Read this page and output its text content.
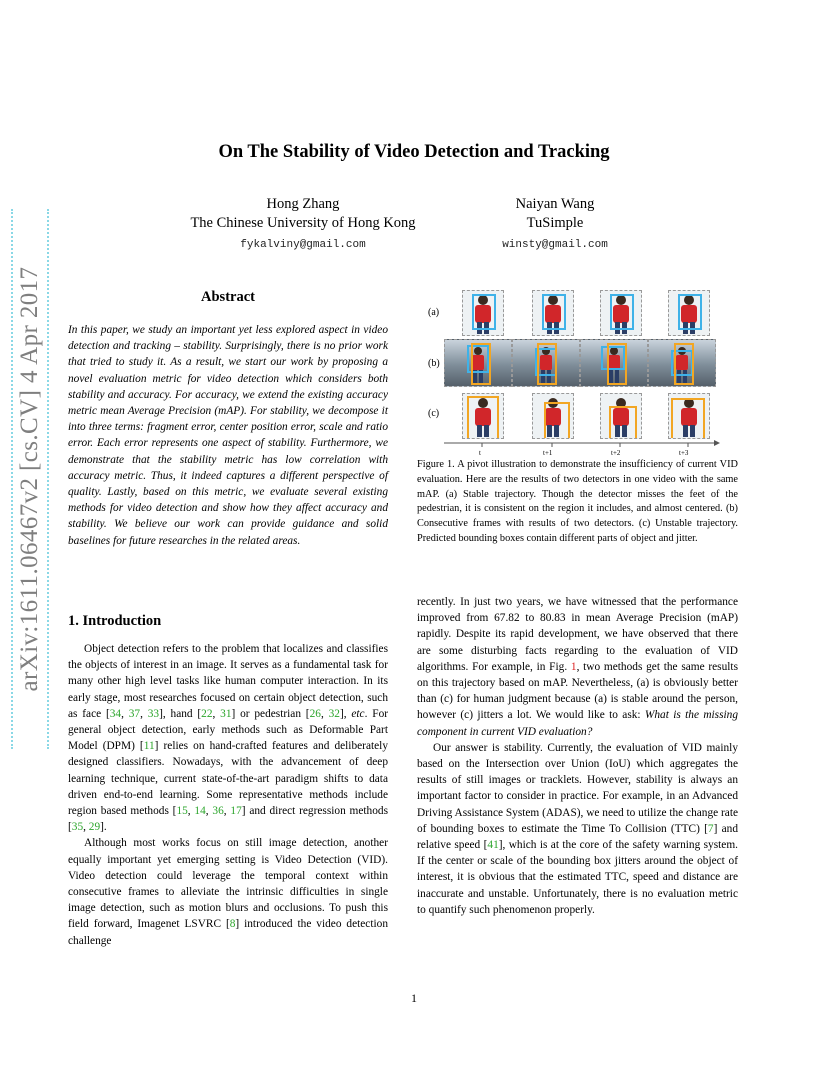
arXiv:1611.06467v2 [cs.CV] 4 Apr 2017
On The Stability of Video Detection and Tracking
Hong Zhang
The Chinese University of Hong Kong
fykalviny@gmail.com
Naiyan Wang
TuSimple
winsty@gmail.com
Abstract
In this paper, we study an important yet less explored aspect in video detection and tracking – stability. Surprisingly, there is no prior work that tried to study it. As a result, we start our work by proposing a novel evaluation metric for video detection which considers both stability and accuracy. For accuracy, we extend the existing accuracy metric mean Average Precision (mAP). For stability, we decompose it into three terms: fragment error, center position error, scale and ratio error. Each error represents one aspect of stability. Furthermore, we demonstrate that the stability metric has low correlation with accuracy metric. Thus, it indeed captures a different perspective of quality. Lastly, based on this metric, we evaluate several existing methods for video detection and show how they affect accuracy and stability. We believe our work can provide guidance and solid baselines for future researches in the related areas.
1. Introduction

Object detection refers to the problem that localizes and classifies the objects of interest in an image. It serves as a fundamental task for many other high level tasks like human computer interaction. In its early stage, most researches focused on certain object detection, such as face [34, 37, 33], hand [22, 31] or pedestrian [26, 32], etc. For general object detection, early methods such as Deformable Part Model (DPM) [11] relies on hand-crafted features and deliberately designed classifiers. Nowadays, with the advancement of deep learning technique, current state-of-the-art paradigm shifts to data driven end-to-end learning. Some representative methods include region based methods [15, 14, 36, 17] and direct regression methods [35, 29].

Although most works focus on still image detection, another equally important yet emerging setting is Video Detection (VID). Video detection could leverage the temporal context within consecutive frames to alleviate the intrinsic difficulties in single image detection, such as motion blurs and occlusions. To push this field forward, Imagenet LSVRC [8] introduced the video detection challenge

recently. In just two years, we have witnessed that the performance improved from 67.82 to 80.83 in mean Average Precision (mAP) rapidly. Despite its rapid development, we have observed that there are some disturbing facts regarding to the evaluation of VID algorithms. For example, in Fig. 1, two methods get the same results on this trajectory based on mAP. Nevertheless, (a) is obviously better than (c) for human judgment because (a) is stable around the person, however (c) jitters a lot. We would like to ask: What is the missing component in current VID evaluation?

Our answer is stability. Currently, the evaluation of VID mainly based on the Intersection over Union (IoU) which aggregates the results of still images or tracklets. However, stability is always an important factor to consider in practice. For example, in an Advanced Driving Assistance System (ADAS), we need to utilize the change rate of bounding boxes to estimate the Time To Collision (TTC) [7] and relative speed [41], which is at the core of the safety warning system. If the center or scale of the bounding box jitters around the object of interest, it is obvious that the estimated TTC, speed and distance are inaccurate and unstable. Unfortunately, there is no evaluation metric to quantify such phenomenon properly.

(a)
(b)
(c)
t	t+1	t+2	t+3
Figure 1. A pivot illustration to demonstrate the insufficiency of current VID evaluation. Here are the results of two detectors in one video with the same mAP. (a) Stable trajectory. Though the detector misses the feet of the pedestrian, it is consistent on the region it includes, and almost centered. (b) Consecutive frames with results of two detectors. (c) Unstable trajectory. Predicted bounding boxes contain different parts of object and jitter.
1
